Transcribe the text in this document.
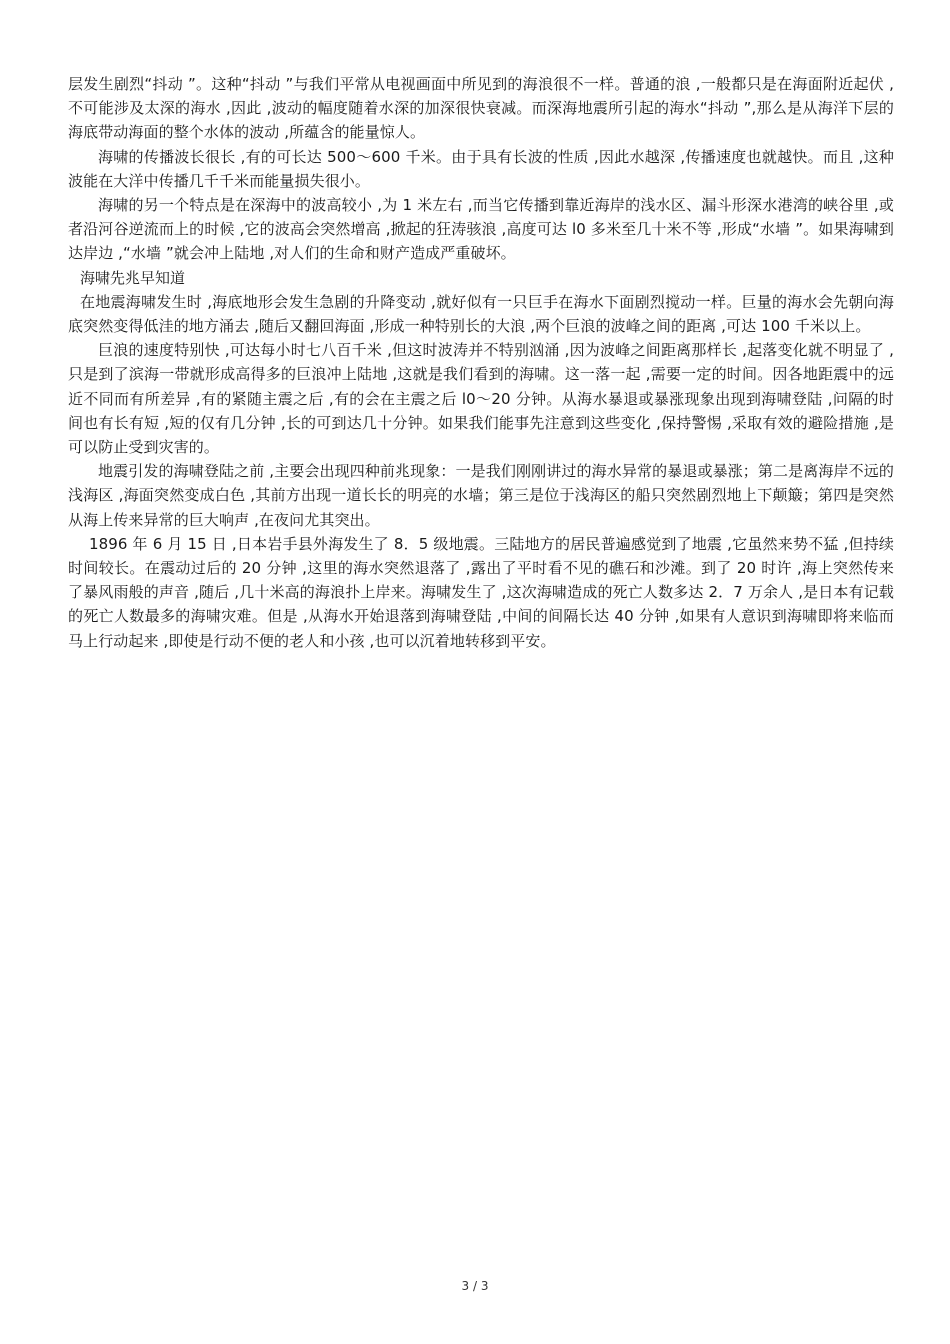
层发生剧烈“抖动 ”。这种“抖动 ”与我们平常从电视画面中所见到的海浪很不一样。普通的浪 ,一般都只是在海面附近起伏 ,不可能涉及太深的海水 ,因此 ,波动的幅度随着水深的加深很快衰减。而深海地震所引起的海水“抖动 ”,那么是从海洋下层的海底带动海面的整个水体的波动 ,所蕴含的能量惊人。

海啸的传播波长很长 ,有的可长达 500～600 千米。由于具有长波的性质 ,因此水越深 ,传播速度也就越快。而且 ,这种波能在大洋中传播几千千米而能量损失很小。

海啸的另一个特点是在深海中的波高较小 ,为 1 米左右 ,而当它传播到靠近海岸的浅水区、漏斗形深水港湾的峡谷里 ,或者沿河谷逆流而上的时候 ,它的波高会突然增高 ,掀起的狂涛骇浪 ,高度可达 l0 多米至几十米不等 ,形成“水墙 ”。如果海啸到达岸边 ,“水墙 ”就会冲上陆地 ,对人们的生命和财产造成严重破坏。

海啸先兆早知道

在地震海啸发生时 ,海底地形会发生急剧的升降变动 ,就好似有一只巨手在海水下面剧烈搅动一样。巨量的海水会先朝向海底突然变得低洼的地方涌去 ,随后又翻回海面 ,形成一种特别长的大浪 ,两个巨浪的波峰之间的距离 ,可达 100 千米以上。

巨浪的速度特别快 ,可达每小时七八百千米 ,但这时波涛并不特别汹涌 ,因为波峰之间距离那样长 ,起落变化就不明显了 ,只是到了滨海一带就形成高得多的巨浪冲上陆地 ,这就是我们看到的海啸。这一落一起 ,需要一定的时间。因各地距震中的远近不同而有所差异 ,有的紧随主震之后 ,有的会在主震之后 l0～20 分钟。从海水暴退或暴涨现象出现到海啸登陆 ,问隔的时间也有长有短 ,短的仅有几分钟 ,长的可到达几十分钟。如果我们能事先注意到这些变化 ,保持警惕 ,采取有效的避险措施 ,是可以防止受到灾害的。

地震引发的海啸登陆之前 ,主要会出现四种前兆现象：一是我们刚刚讲过的海水异常的暴退或暴涨；第二是离海岸不远的浅海区 ,海面突然变成白色 ,其前方出现一道长长的明亮的水墙；第三是位于浅海区的船只突然剧烈地上下颠簸；第四是突然从海上传来异常的巨大响声 ,在夜问尤其突出。

1896 年 6 月 15 日 ,日本岩手县外海发生了 8．5 级地震。三陆地方的居民普遍感觉到了地震 ,它虽然来势不猛 ,但持续时间较长。在震动过后的 20 分钟 ,这里的海水突然退落了 ,露出了平时看不见的礁石和沙滩。到了 20 时许 ,海上突然传来了暴风雨般的声音 ,随后 ,几十米高的海浪扑上岸来。海啸发生了 ,这次海啸造成的死亡人数多达 2．7 万余人 ,是日本有记载的死亡人数最多的海啸灾难。但是 ,从海水开始退落到海啸登陆 ,中间的间隔长达 40 分钟 ,如果有人意识到海啸即将来临而马上行动起来 ,即使是行动不便的老人和小孩 ,也可以沉着地转移到平安。

3 / 3
